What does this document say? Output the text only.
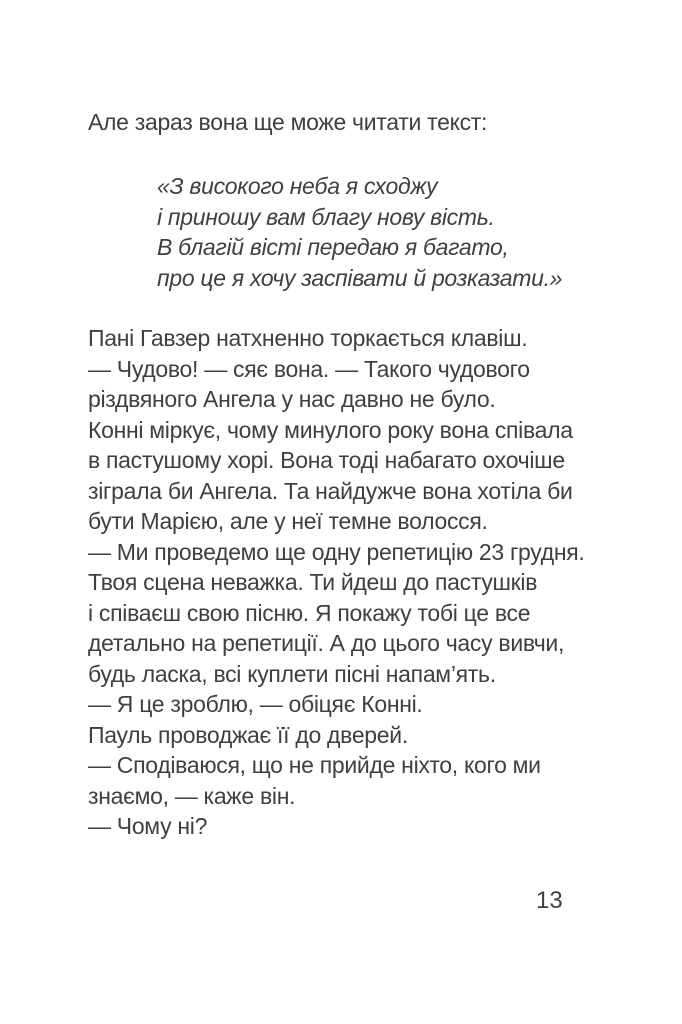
Але зараз вона ще може читати текст:
«З високого неба я сходжу
і приношу вам благу нову вість.
В благій вісті передаю я багато,
про це я хочу заспівати й розказати.»
Пані Гавзер натхненно торкається клавіш.
— Чудово! — сяє вона. — Такого чудового
різдвяного Ангела у нас давно не було.
Конні міркує, чому минулого року вона співала
в пастушому хорі. Вона тоді набагато охочіше
зіграла би Ангела. Та найдужче вона хотіла би
бути Марією, але у неї темне волосся.
— Ми проведемо ще одну репетицію 23 грудня.
Твоя сцена неважка. Ти йдеш до пастушків
і співаєш свою пісню. Я покажу тобі це все
детально на репетиції. А до цього часу вивчи,
будь ласка, всі куплети пісні напам’ять.
— Я це зроблю, — обіцяє Конні.
Пауль проводжає її до дверей.
— Сподіваюся, що не прийде ніхто, кого ми
знаємо, — каже він.
— Чому ні?
13
